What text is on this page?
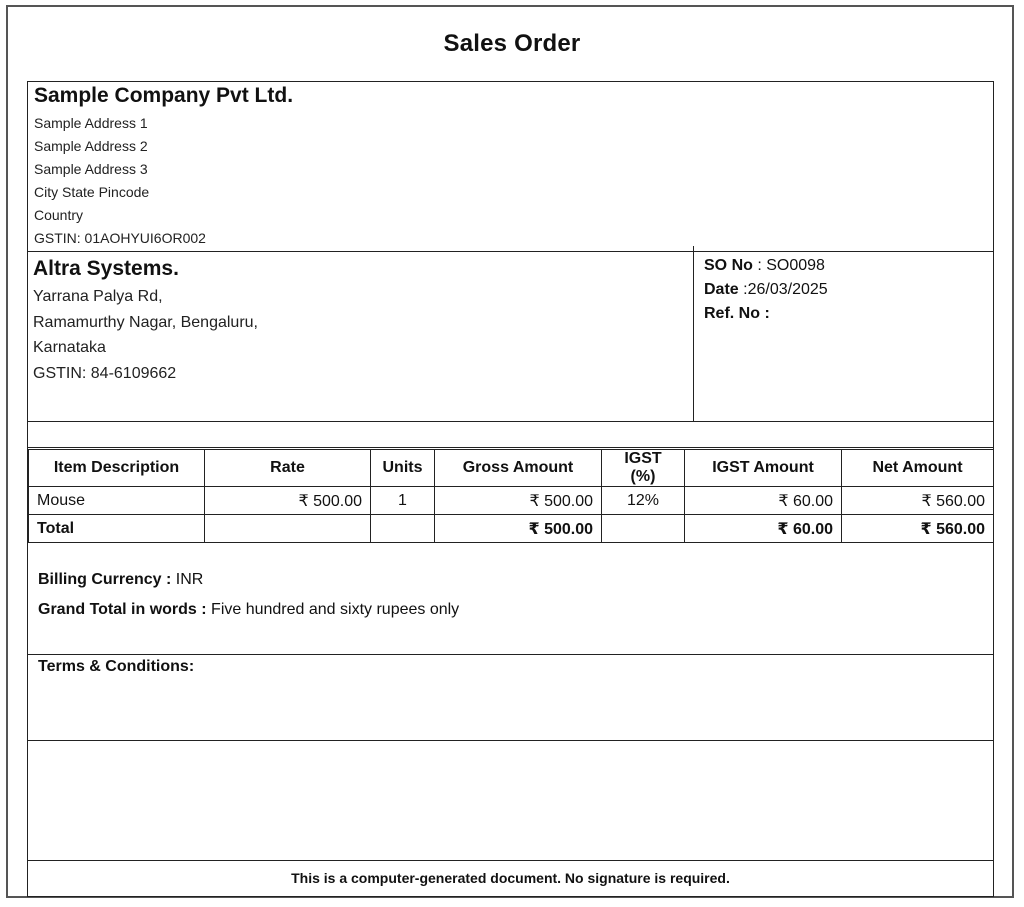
Sales Order
Sample Company Pvt Ltd.
Sample Address 1
Sample Address 2
Sample Address 3
City State Pincode
Country
GSTIN: 01AOHYUI6OR002
Altra Systems.
Yarrana Palya Rd,
Ramamurthy Nagar, Bengaluru,
Karnataka
GSTIN: 84-6109662
SO No : SO0098
Date :26/03/2025
Ref. No :
Item Description	Rate	Units	Gross Amount	IGST (%)	IGST Amount	Net Amount
Mouse	₹ 500.00	1	₹ 500.00	12%	₹ 60.00	₹ 560.00
Total			₹ 500.00		₹ 60.00	₹ 560.00
Billing Currency : INR
Grand Total in words : Five hundred and sixty rupees only
Terms & Conditions:
This is a computer-generated document. No signature is required.
